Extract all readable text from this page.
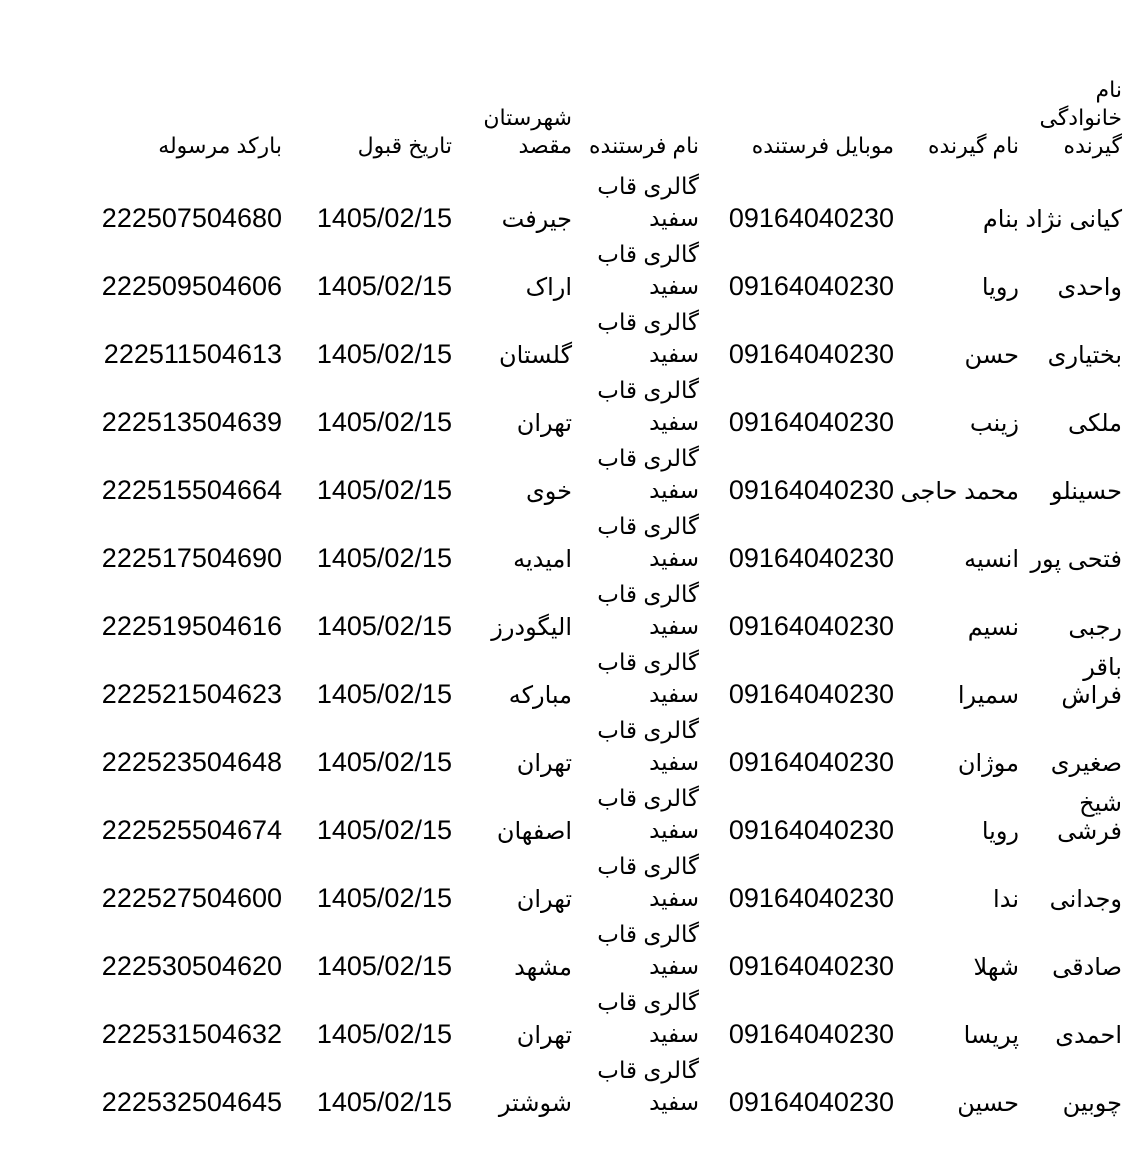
نام خانوادگی گیرنده	نام گیرنده	موبایل فرستنده	نام فرستنده	شهرستان مقصد	تاریخ قبول	بارکد مرسوله
کیانی نژاد	بنام	09164040230	گالری قاب سفید	جیرفت	1405/02/15	222507504680
واحدی	رویا	09164040230	گالری قاب سفید	اراک	1405/02/15	222509504606
بختیاری	حسن	09164040230	گالری قاب سفید	گلستان	1405/02/15	222511504613
ملکی	زینب	09164040230	گالری قاب سفید	تهران	1405/02/15	222513504639
حسینلو	محمد حاجی	09164040230	گالری قاب سفید	خوی	1405/02/15	222515504664
فتحی پور	انسیه	09164040230	گالری قاب سفید	امیدیه	1405/02/15	222517504690
رجبی	نسیم	09164040230	گالری قاب سفید	الیگودرز	1405/02/15	222519504616
باقر فراش	سمیرا	09164040230	گالری قاب سفید	مبارکه	1405/02/15	222521504623
صغیری	موژان	09164040230	گالری قاب سفید	تهران	1405/02/15	222523504648
شیخ فرشی	رویا	09164040230	گالری قاب سفید	اصفهان	1405/02/15	222525504674
وجدانی	ندا	09164040230	گالری قاب سفید	تهران	1405/02/15	222527504600
صادقی	شهلا	09164040230	گالری قاب سفید	مشهد	1405/02/15	222530504620
احمدی	پریسا	09164040230	گالری قاب سفید	تهران	1405/02/15	222531504632
چوبین	حسین	09164040230	گالری قاب سفید	شوشتر	1405/02/15	222532504645
